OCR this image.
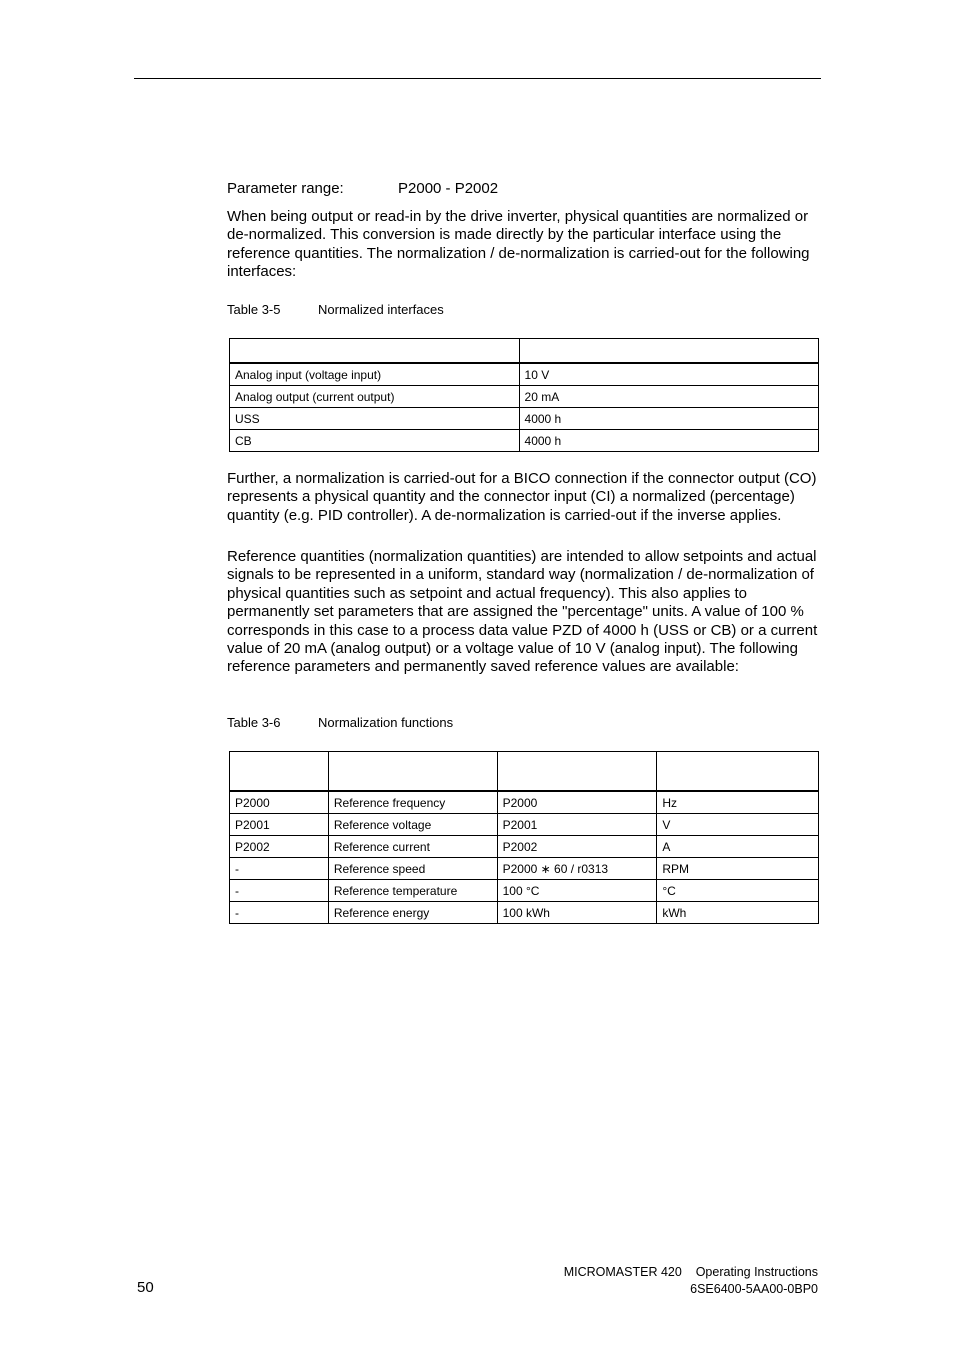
Parameter range:	P2000 - P2002

When being output or read-in by the drive inverter, physical quantities are normalized or de-normalized. This conversion is made directly by the particular interface using the reference quantities. The normalization / de-normalization is carried-out for the following interfaces:

Table 3-5	Normalized interfaces

Analog input (voltage input)	10 V
Analog output (current output)	20 mA
USS	4000 h
CB	4000 h

Further, a normalization is carried-out for a BICO connection if the connector output (CO) represents a physical quantity and the connector input (CI) a normalized (percentage) quantity (e.g. PID controller). A de-normalization is carried-out if the inverse applies.

Reference quantities (normalization quantities) are intended to allow setpoints and actual signals to be represented in a uniform, standard way (normalization / de-normalization of physical quantities such as setpoint and actual frequency). This also applies to permanently set parameters that are assigned the "percentage" units. A value of 100 % corresponds in this case to a process data value PZD of 4000 h (USS or CB) or a current value of 20 mA (analog output) or a voltage value of 10 V (analog input). The following reference parameters and permanently saved reference values are available:

Table 3-6	Normalization functions

P2000	Reference frequency	P2000	Hz
P2001	Reference voltage	P2001	V
P2002	Reference current	P2002	A
-	Reference speed	P2000 ∗ 60 / r0313	RPM
-	Reference temperature	100 °C	°C
-	Reference energy	100 kWh	kWh
50
MICROMASTER 420    Operating Instructions
6SE6400-5AA00-0BP0
